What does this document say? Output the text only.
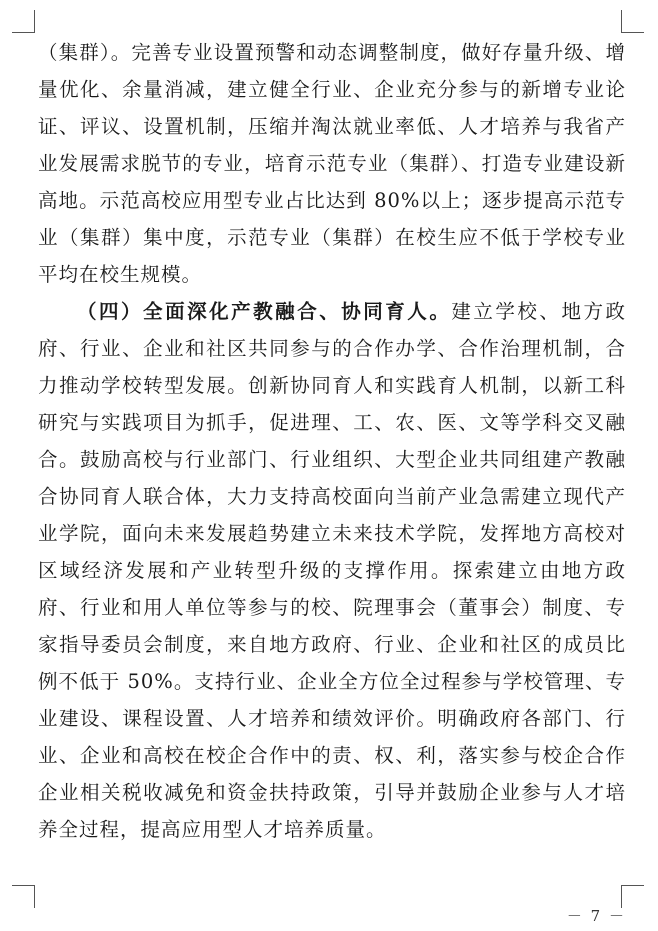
（集群）。完善专业设置预警和动态调整制度，做好存量升级、增量优化、余量消减，建立健全行业、企业充分参与的新增专业论证、评议、设置机制，压缩并淘汰就业率低、人才培养与我省产业发展需求脱节的专业，培育示范专业（集群）、打造专业建设新高地。示范高校应用型专业占比达到 80%以上；逐步提高示范专业（集群）集中度，示范专业（集群）在校生应不低于学校专业平均在校生规模。

（四）全面深化产教融合、协同育人。建立学校、地方政府、行业、企业和社区共同参与的合作办学、合作治理机制，合力推动学校转型发展。创新协同育人和实践育人机制，以新工科研究与实践项目为抓手，促进理、工、农、医、文等学科交叉融合。鼓励高校与行业部门、行业组织、大型企业共同组建产教融合协同育人联合体，大力支持高校面向当前产业急需建立现代产业学院，面向未来发展趋势建立未来技术学院，发挥地方高校对区域经济发展和产业转型升级的支撑作用。探索建立由地方政府、行业和用人单位等参与的校、院理事会（董事会）制度、专家指导委员会制度，来自地方政府、行业、企业和社区的成员比例不低于 50%。支持行业、企业全方位全过程参与学校管理、专业建设、课程设置、人才培养和绩效评价。明确政府各部门、行业、企业和高校在校企合作中的责、权、利，落实参与校企合作企业相关税收减免和资金扶持政策，引导并鼓励企业参与人才培养全过程，提高应用型人才培养质量。

－ 7 －
